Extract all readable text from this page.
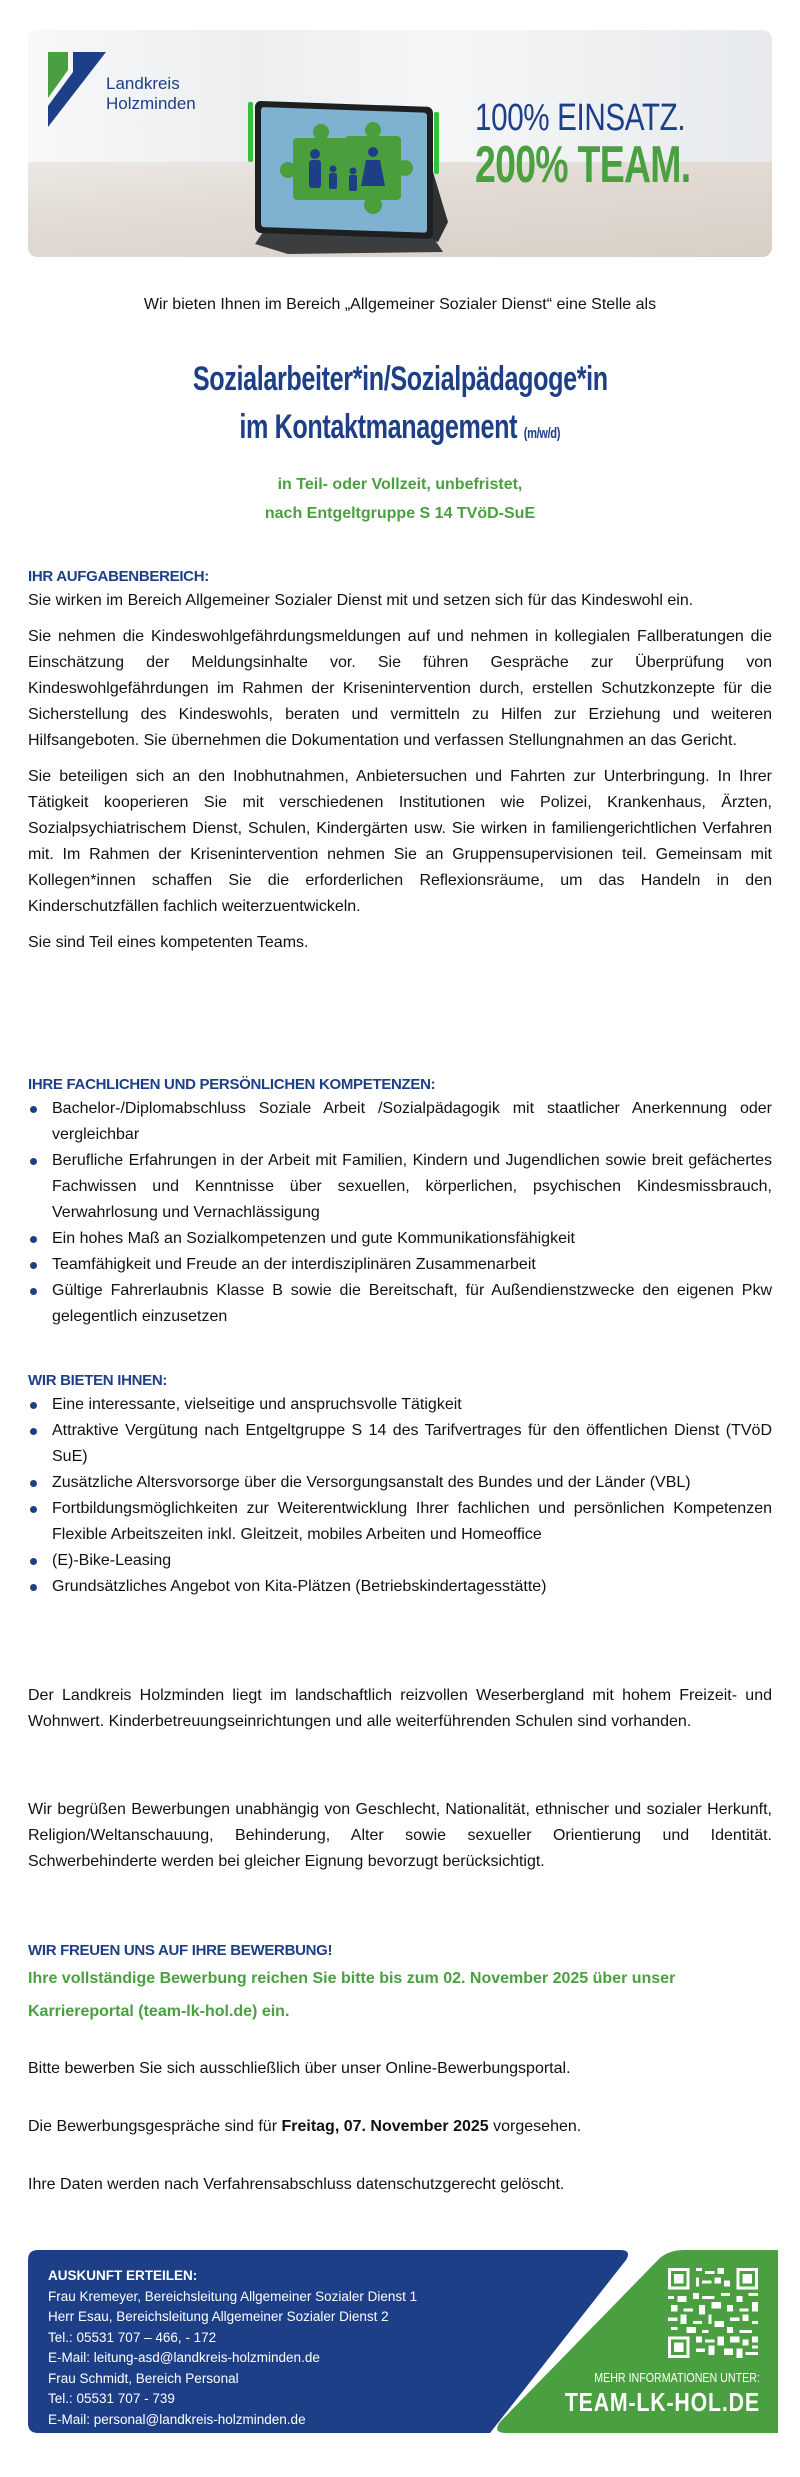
Landkreis
Holzminden	100% EINSATZ.
200% TEAM.
Wir bieten Ihnen im Bereich „Allgemeiner Sozialer Dienst“ eine Stelle als
Sozialarbeiter*in/Sozialpädagoge*in
im Kontaktmanagement (m/w/d)
in Teil- oder Vollzeit, unbefristet,
nach Entgeltgruppe S 14 TVöD-SuE
IHR AUFGABENBEREICH:

Sie wirken im Bereich Allgemeiner Sozialer Dienst mit und setzen sich für das Kindeswohl ein.

Sie nehmen die Kindeswohlgefährdungsmeldungen auf und nehmen in kollegialen Fallberatungen die Einschätzung der Meldungsinhalte vor. Sie führen Gespräche zur Überprüfung von Kindeswohlgefährdungen im Rahmen der Krisenintervention durch, erstellen Schutzkonzepte für die Sicherstellung des Kindeswohls, beraten und vermitteln zu Hilfen zur Erziehung und weiteren Hilfsangeboten. Sie übernehmen die Dokumentation und verfassen Stellungnahmen an das Gericht.

Sie beteiligen sich an den Inobhutnahmen, Anbietersuchen und Fahrten zur Unterbringung. In Ihrer Tätigkeit kooperieren Sie mit verschiedenen Institutionen wie Polizei, Krankenhaus, Ärzten, Sozialpsychiatrischem Dienst, Schulen, Kindergärten usw. Sie wirken in familiengerichtlichen Verfahren mit. Im Rahmen der Krisenintervention nehmen Sie an Gruppensupervisionen teil. Gemeinsam mit Kollegen*innen schaffen Sie die erforderlichen Reflexionsräume, um das Handeln in den Kinderschutzfällen fachlich weiterzuentwickeln.

Sie sind Teil eines kompetenten Teams.

IHRE FACHLICHEN UND PERSÖNLICHEN KOMPETENZEN:
Bachelor-/Diplomabschluss Soziale Arbeit /Sozialpädagogik mit staatlicher Anerkennung oder vergleichbar
Berufliche Erfahrungen in der Arbeit mit Familien, Kindern und Jugendlichen sowie breit gefächertes Fachwissen und Kenntnisse über sexuellen, körperlichen, psychischen Kindesmissbrauch, Verwahrlosung und Vernachlässigung
Ein hohes Maß an Sozialkompetenzen und gute Kommunikationsfähigkeit
Teamfähigkeit und Freude an der interdisziplinären Zusammenarbeit
Gültige Fahrerlaubnis Klasse B sowie die Bereitschaft, für Außendienstzwecke den eigenen Pkw gelegentlich einzusetzen
WIR BIETEN IHNEN:
Eine interessante, vielseitige und anspruchsvolle Tätigkeit
Attraktive Vergütung nach Entgeltgruppe S 14 des Tarifvertrages für den öffentlichen Dienst (TVöD SuE)
Zusätzliche Altersvorsorge über die Versorgungsanstalt des Bundes und der Länder (VBL)
Fortbildungsmöglichkeiten zur Weiterentwicklung Ihrer fachlichen und persönlichen Kompetenzen Flexible Arbeitszeiten inkl. Gleitzeit, mobiles Arbeiten und Homeoffice
(E)-Bike-Leasing
Grundsätzliches Angebot von Kita-Plätzen (Betriebskindertagesstätte)
Der Landkreis Holzminden liegt im landschaftlich reizvollen Weserbergland mit hohem Freizeit- und Wohnwert. Kinderbetreuungseinrichtungen und alle weiterführenden Schulen sind vorhanden.
Wir begrüßen Bewerbungen unabhängig von Geschlecht, Nationalität, ethnischer und sozialer Herkunft, Religion/Weltanschauung, Behinderung, Alter sowie sexueller Orientierung und Identität. Schwerbehinderte werden bei gleicher Eignung bevorzugt berücksichtigt.
WIR FREUEN UNS AUF IHRE BEWERBUNG!
Ihre vollständige Bewerbung reichen Sie bitte bis zum 02. November 2025 über unser Karriereportal (team-lk-hol.de) ein.
Bitte bewerben Sie sich ausschließlich über unser Online-Bewerbungsportal.
Die Bewerbungsgespräche sind für Freitag, 07. November 2025 vorgesehen.
Ihre Daten werden nach Verfahrensabschluss datenschutzgerecht gelöscht.
AUSKUNFT ERTEILEN:
Frau Kremeyer, Bereichsleitung Allgemeiner Sozialer Dienst 1
Herr Esau, Bereichsleitung Allgemeiner Sozialer Dienst 2
Tel.: 05531 707 – 466, - 172
E-Mail: leitung-asd@landkreis-holzminden.de
Frau Schmidt, Bereich Personal
Tel.: 05531 707 - 739
E-Mail: personal@landkreis-holzminden.de
MEHR INFORMATIONEN UNTER:
TEAM-LK-HOL.DE
